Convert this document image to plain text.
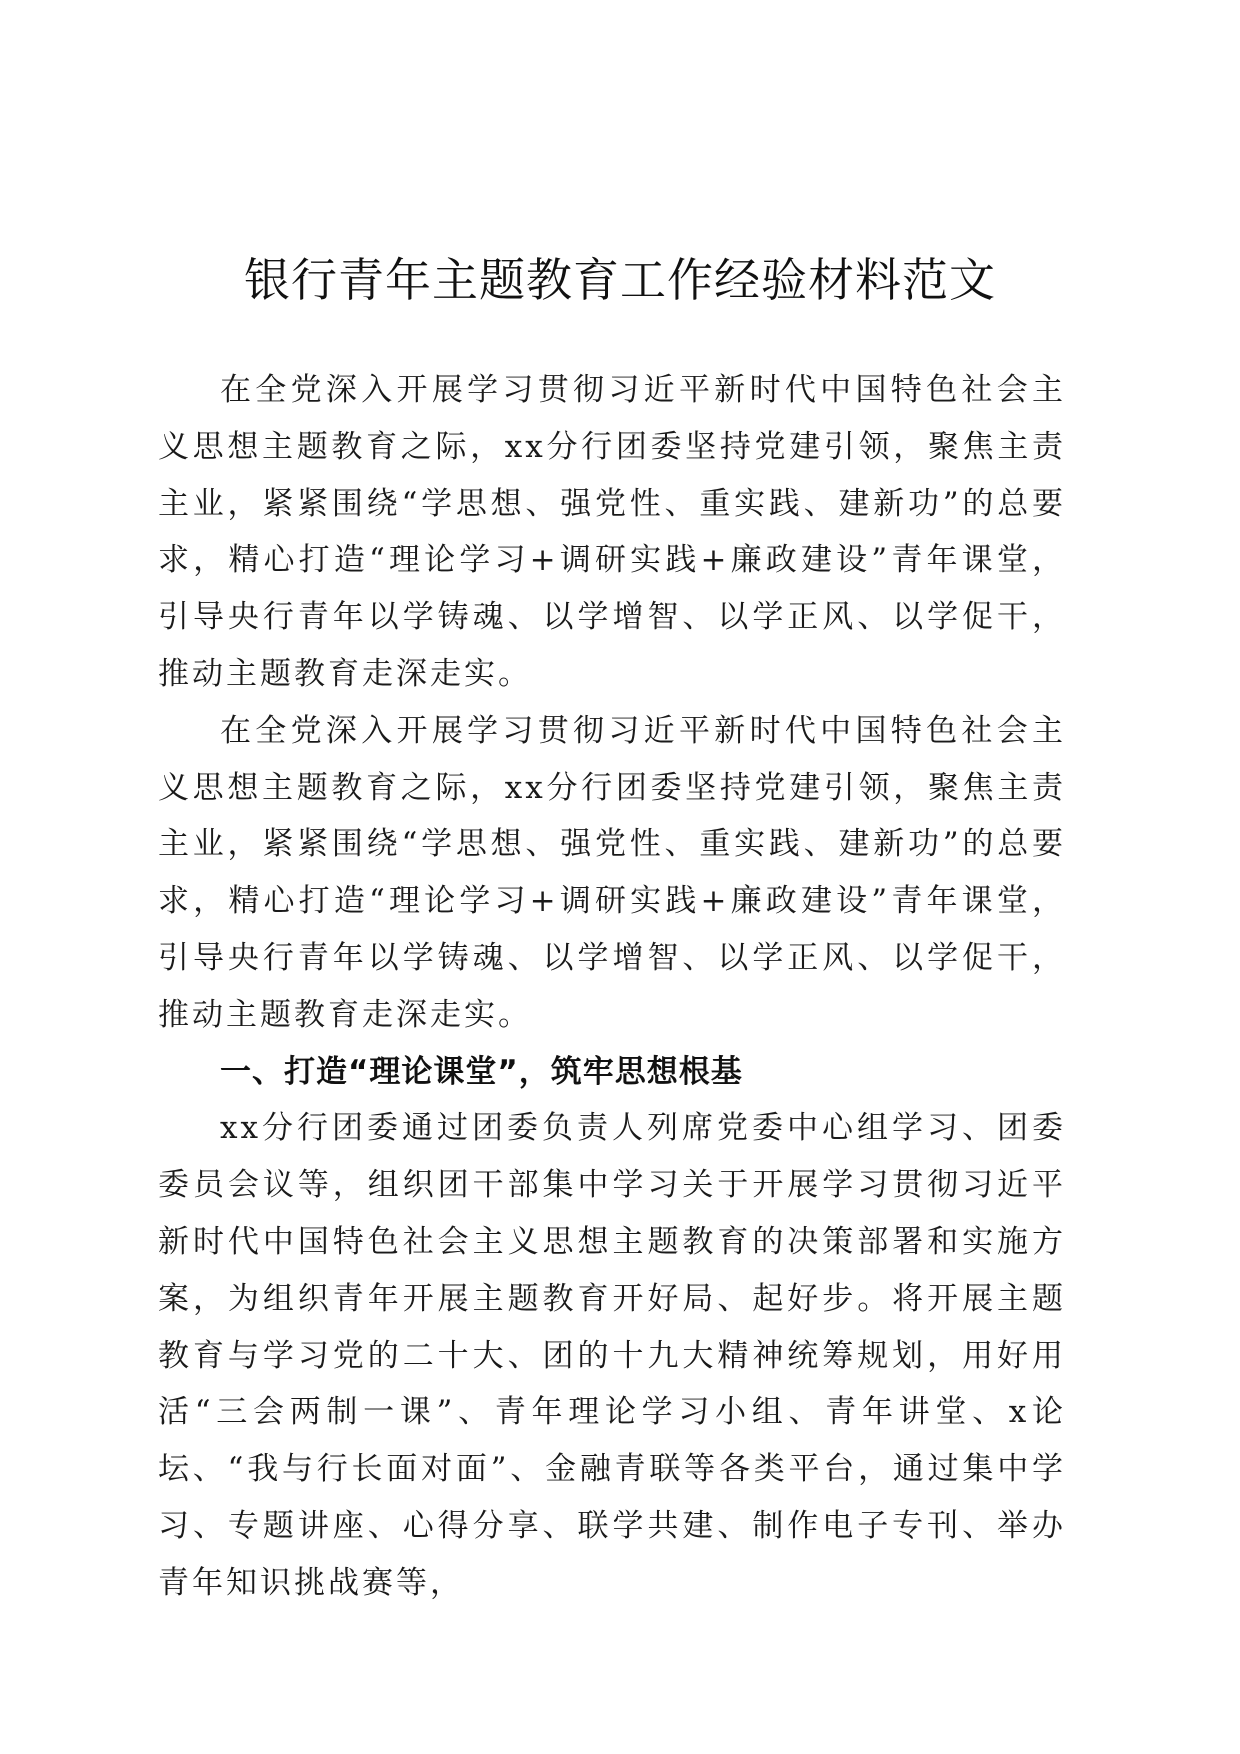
银行青年主题教育工作经验材料范文

在全党深入开展学习贯彻习近平新时代中国特色社会主义思想主题教育之际，xx分行团委坚持党建引领，聚焦主责主业，紧紧围绕“学思想、强党性、重实践、建新功”的总要求，精心打造“理论学习+调研实践+廉政建设”青年课堂，引导央行青年以学铸魂、以学增智、以学正风、以学促干，推动主题教育走深走实。

在全党深入开展学习贯彻习近平新时代中国特色社会主义思想主题教育之际，xx分行团委坚持党建引领，聚焦主责主业，紧紧围绕“学思想、强党性、重实践、建新功”的总要求，精心打造“理论学习+调研实践+廉政建设”青年课堂，引导央行青年以学铸魂、以学增智、以学正风、以学促干，推动主题教育走深走实。

一、打造“理论课堂”，筑牢思想根基

xx分行团委通过团委负责人列席党委中心组学习、团委委员会议等，组织团干部集中学习关于开展学习贯彻习近平新时代中国特色社会主义思想主题教育的决策部署和实施方案，为组织青年开展主题教育开好局、起好步。将开展主题教育与学习党的二十大、团的十九大精神统筹规划，用好用活“三会两制一课”、青年理论学习小组、青年讲堂、x论坛、“我与行长面对面”、金融青联等各类平台，通过集中学习、专题讲座、心得分享、联学共建、制作电子专刊、举办青年知识挑战赛等，
